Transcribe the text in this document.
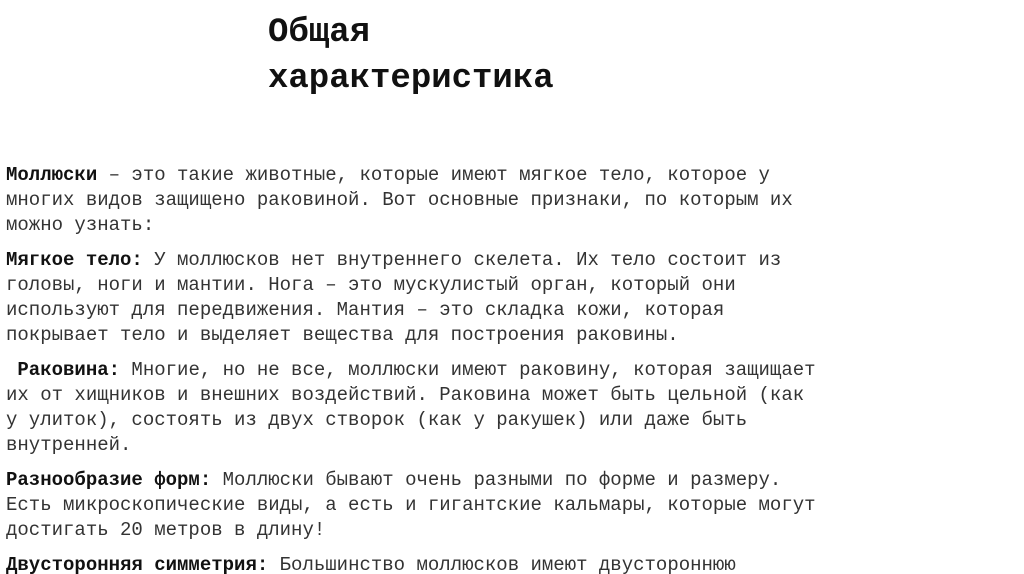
Общая
характеристика

Моллюски – это такие животные, которые имеют мягкое тело, которое у
многих видов защищено раковиной. Вот основные признаки, по которым их
можно узнать:

Мягкое тело: У моллюсков нет внутреннего скелета. Их тело состоит из
головы, ноги и мантии. Нога – это мускулистый орган, который они
используют для передвижения. Мантия – это складка кожи, которая
покрывает тело и выделяет вещества для построения раковины.

Раковина: Многие, но не все, моллюски имеют раковину, которая защищает
их от хищников и внешних воздействий. Раковина может быть цельной (как
у улиток), состоять из двух створок (как у ракушек) или даже быть
внутренней.

Разнообразие форм: Моллюски бывают очень разными по форме и размеру.
Есть микроскопические виды, а есть и гигантские кальмары, которые могут
достигать 20 метров в длину!

Двусторонняя симметрия: Большинство моллюсков имеют двустороннюю
